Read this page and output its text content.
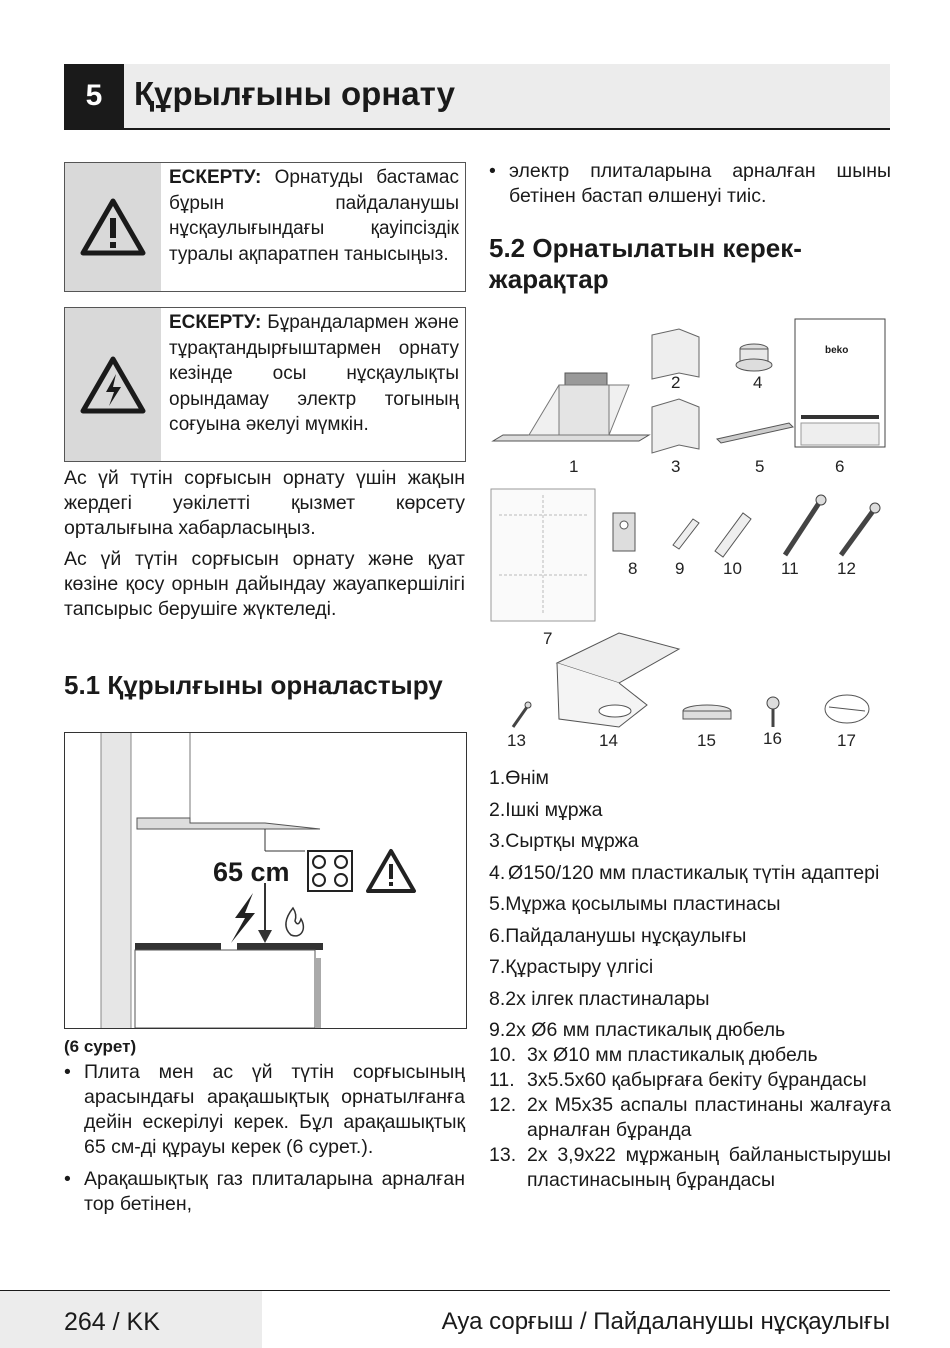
5 Құрылғыны орнату
ЕСКЕРТУ: Орнатуды бастамас бұрын пайдаланушы нұсқаулығындағы қауіпсіздік туралы ақпаратпен танысыңыз.
ЕСКЕРТУ: Бұрандалармен және тұрақтандырғыштармен орнату кезінде осы нұсқаулықты орындамау электр тогының соғуына әкелуі мүмкін.
Ас үй түтін сорғысын орнату үшін жақын жердегі уәкілетті қызмет көрсету орталығына хабарласыңыз.
Ас үй түтін сорғысын орнату және қуат көзіне қосу орнын дайындау жауапкершілігі тапсырыс берушіге жүктеледі.
5.1 Құрылғыны орналастыру
65 cm
(6 сурет)
• Плита мен ас үй түтін сорғысының арасындағы арақашықтық орнатылғанға дейін ескерілуі керек. Бұл арақашықтық 65 см-ді құрауы керек (6 сурет.).
• Арақашықтық газ плиталарына арналған тор бетінен,
• электр плиталарына арналған шыны бетінен бастап өлшенуі тиіс.
5.2 Орнатылатын керек-жарақтар
beko
1
2
3
4
5	6
7
8 9 10 11 12
13	14	15	16	17
1.Өнім
2.Ішкі мұржа
3.Сыртқы мұржа
4. Ø150/120 мм пластикалық түтін адаптері
5.Мұржа қосылымы пластинасы
6.Пайдаланушы нұсқаулығы
7.Құрастыру үлгісі
8.2x ілгек пластиналары
9.2x Ø6 мм пластикалық дюбель
10. 3x Ø10 мм пластикалық дюбель
11. 3x5.5x60 қабырғаға бекіту бұрандасы
12. 2x M5x35 аспалы пластинаны жалғауға арналған бұранда
13. 2x 3,9x22 мұржаның байланыстырушы пластинасының бұрандасы
264 / KK	Ауа сорғыш / Пайдаланушы нұсқаулығы
